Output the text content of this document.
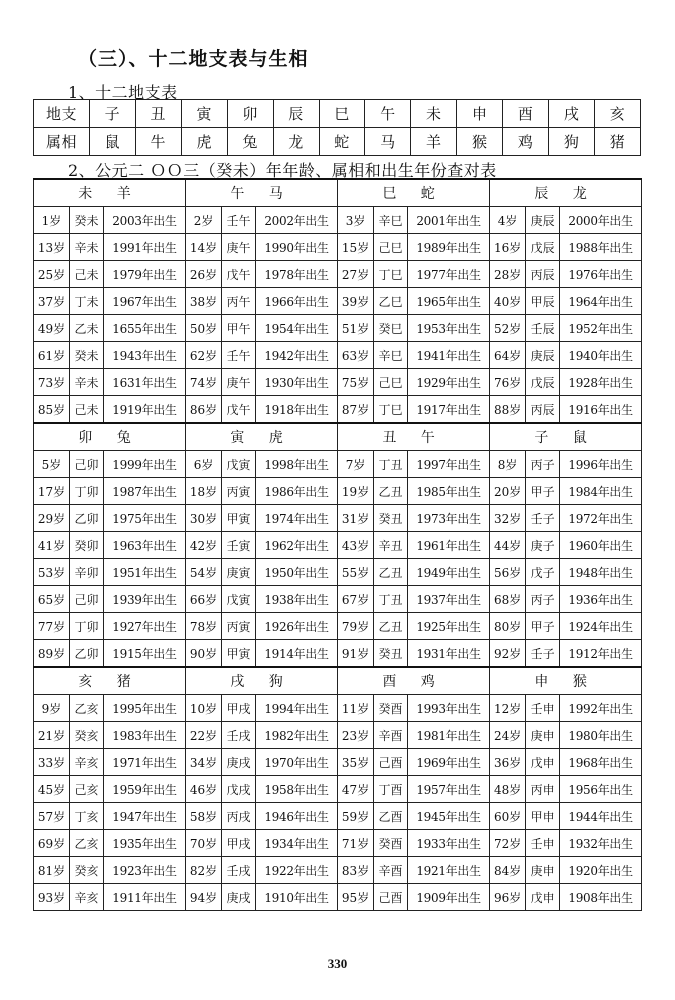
（三）、十二地支表与生相
1、十二地支表
地支	子	丑	寅	卯	辰	巳	午	未	申	酉	戌	亥
属相	鼠	牛	虎	兔	龙	蛇	马	羊	猴	鸡	狗	猪
2、公元二 ＯＯ三（癸未）年年龄、属相和出生年份查对表
未 羊			午 马			巳 蛇			辰 龙		
1岁	癸未	2003年出生	2岁	壬午	2002年出生	3岁	辛巳	2001年出生	4岁	庚辰	2000年出生
13岁	辛未	1991年出生	14岁	庚午	1990年出生	15岁	己巳	1989年出生	16岁	戊辰	1988年出生
25岁	己未	1979年出生	26岁	戊午	1978年出生	27岁	丁巳	1977年出生	28岁	丙辰	1976年出生
37岁	丁未	1967年出生	38岁	丙午	1966年出生	39岁	乙巳	1965年出生	40岁	甲辰	1964年出生
49岁	乙未	1655年出生	50岁	甲午	1954年出生	51岁	癸巳	1953年出生	52岁	壬辰	1952年出生
61岁	癸未	1943年出生	62岁	壬午	1942年出生	63岁	辛巳	1941年出生	64岁	庚辰	1940年出生
73岁	辛未	1631年出生	74岁	庚午	1930年出生	75岁	己巳	1929年出生	76岁	戊辰	1928年出生
85岁	己未	1919年出生	86岁	戊午	1918年出生	87岁	丁巳	1917年出生	88岁	丙辰	1916年出生
卯 兔			寅 虎			丑 午			子 鼠		
5岁	己卯	1999年出生	6岁	戊寅	1998年出生	7岁	丁丑	1997年出生	8岁	丙子	1996年出生
17岁	丁卯	1987年出生	18岁	丙寅	1986年出生	19岁	乙丑	1985年出生	20岁	甲子	1984年出生
29岁	乙卯	1975年出生	30岁	甲寅	1974年出生	31岁	癸丑	1973年出生	32岁	壬子	1972年出生
41岁	癸卯	1963年出生	42岁	壬寅	1962年出生	43岁	辛丑	1961年出生	44岁	庚子	1960年出生
53岁	辛卯	1951年出生	54岁	庚寅	1950年出生	55岁	乙丑	1949年出生	56岁	戊子	1948年出生
65岁	己卯	1939年出生	66岁	戊寅	1938年出生	67岁	丁丑	1937年出生	68岁	丙子	1936年出生
77岁	丁卯	1927年出生	78岁	丙寅	1926年出生	79岁	乙丑	1925年出生	80岁	甲子	1924年出生
89岁	乙卯	1915年出生	90岁	甲寅	1914年出生	91岁	癸丑	1931年出生	92岁	壬子	1912年出生
亥 猪			戌 狗			酉 鸡			申 猴		
9岁	乙亥	1995年出生	10岁	甲戌	1994年出生	11岁	癸酉	1993年出生	12岁	壬申	1992年出生
21岁	癸亥	1983年出生	22岁	壬戌	1982年出生	23岁	辛酉	1981年出生	24岁	庚申	1980年出生
33岁	辛亥	1971年出生	34岁	庚戌	1970年出生	35岁	己酉	1969年出生	36岁	戊申	1968年出生
45岁	己亥	1959年出生	46岁	戊戌	1958年出生	47岁	丁酉	1957年出生	48岁	丙申	1956年出生
57岁	丁亥	1947年出生	58岁	丙戌	1946年出生	59岁	乙酉	1945年出生	60岁	甲申	1944年出生
69岁	乙亥	1935年出生	70岁	甲戌	1934年出生	71岁	癸酉	1933年出生	72岁	壬申	1932年出生
81岁	癸亥	1923年出生	82岁	壬戌	1922年出生	83岁	辛酉	1921年出生	84岁	庚申	1920年出生
93岁	辛亥	1911年出生	94岁	庚戌	1910年出生	95岁	己酉	1909年出生	96岁	戊申	1908年出生
330
